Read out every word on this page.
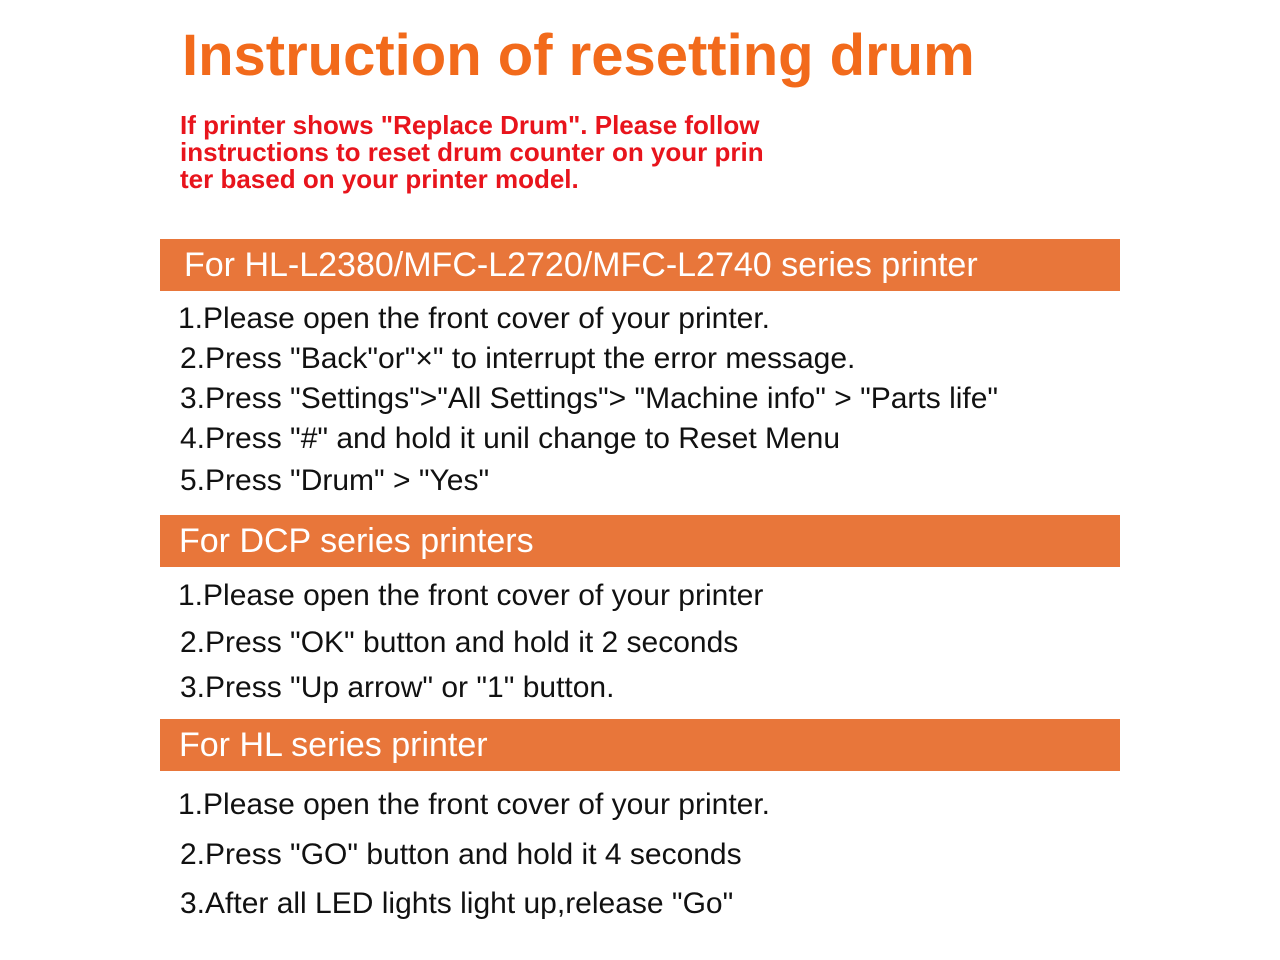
Instruction of resetting drum
If printer shows "Replace Drum". Please follow
instructions to reset drum counter on your prin
ter based on your printer model.
For HL-L2380/MFC-L2720/MFC-L2740 series printer

1.Please open the front cover of your printer.

2.Press "Back"or"×" to interrupt the error message.

3.Press "Settings">"All Settings"> "Machine info" > "Parts life"

4.Press "#" and hold it unil change to Reset Menu

5.Press "Drum" > "Yes"

For DCP series printers

1.Please open the front cover of your printer

2.Press "OK" button and hold it 2 seconds

3.Press "Up arrow" or "1" button.

For HL series printer

1.Please open the front cover of your printer.

2.Press "GO" button and hold it 4 seconds

3.After all LED lights light up,release "Go"
